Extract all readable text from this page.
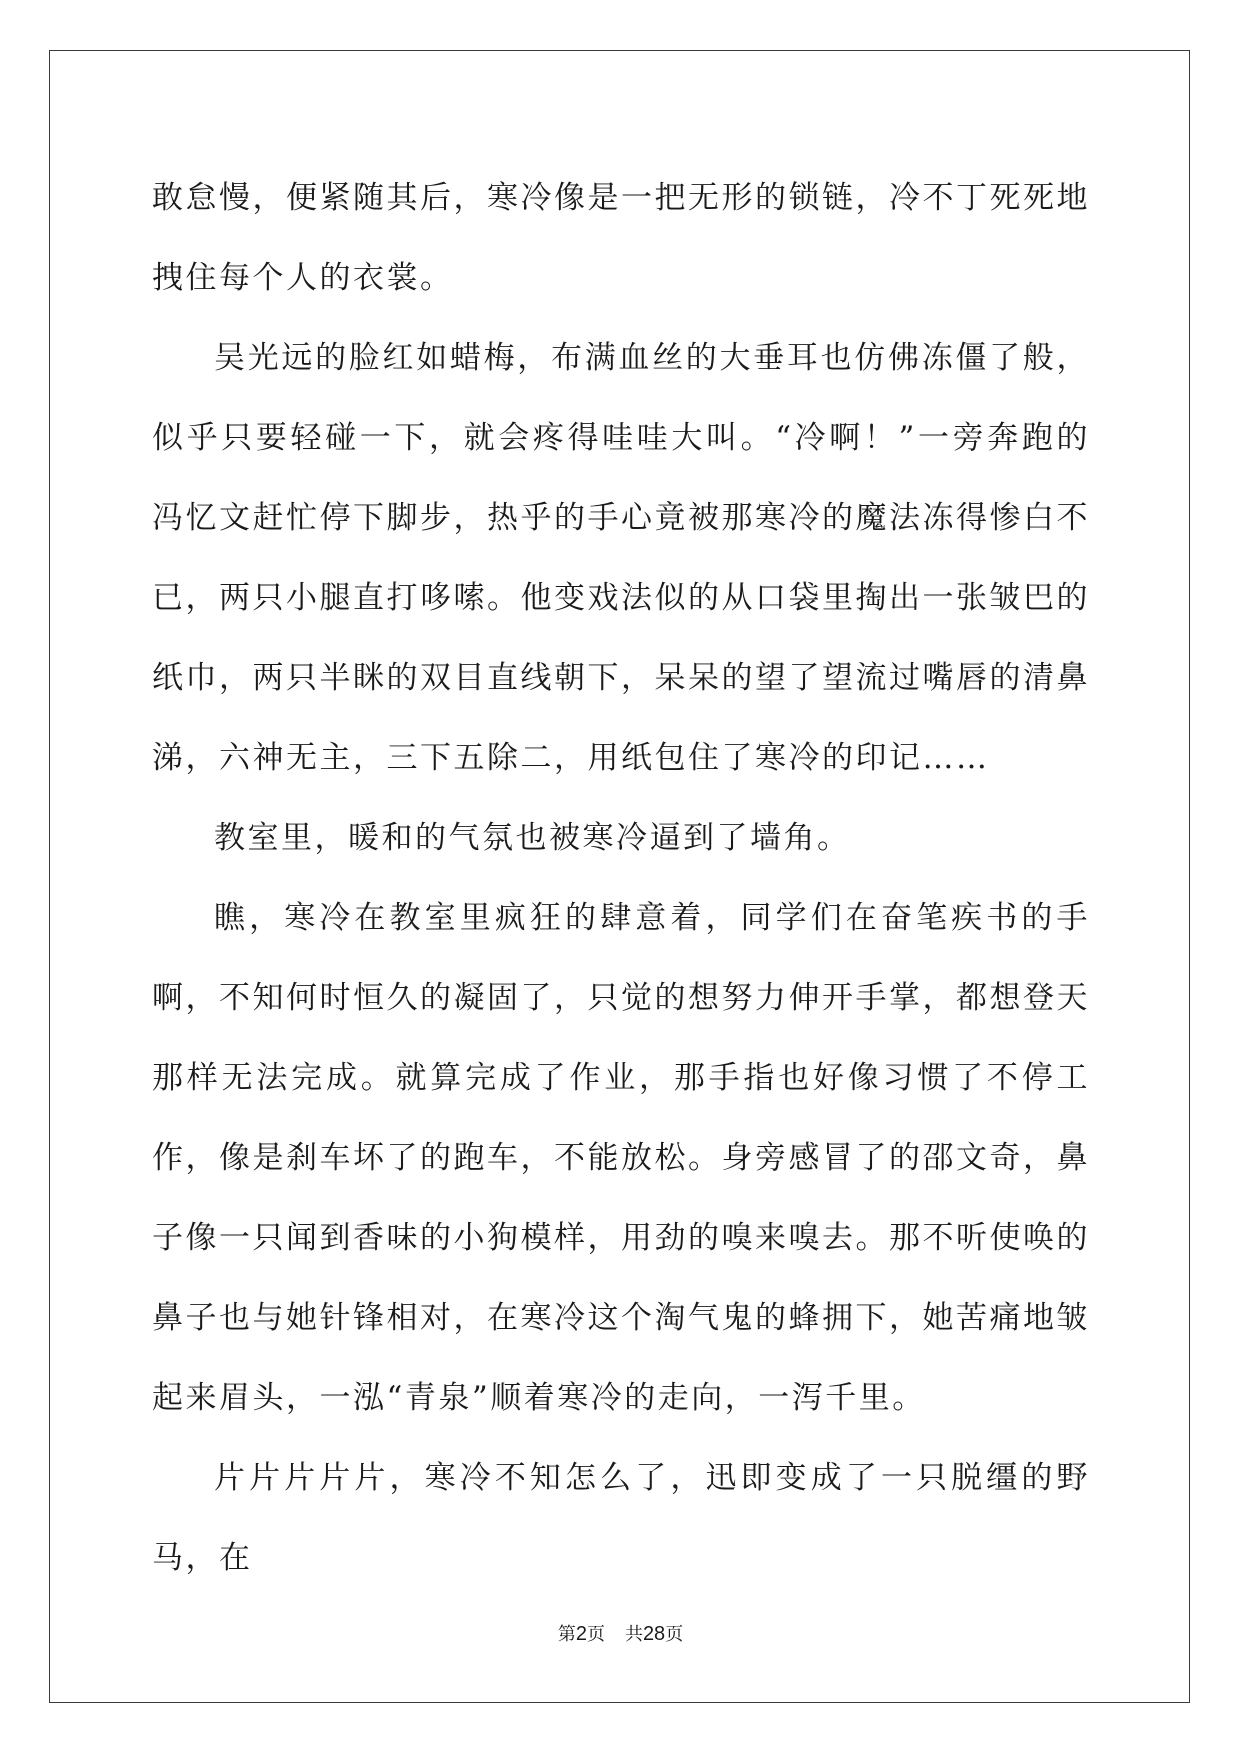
敢怠慢，便紧随其后，寒冷像是一把无形的锁链，冷不丁死死地拽住每个人的衣裳。

吴光远的脸红如蜡梅，布满血丝的大垂耳也仿佛冻僵了般，似乎只要轻碰一下，就会疼得哇哇大叫。“冷啊！”一旁奔跑的冯忆文赶忙停下脚步，热乎的手心竟被那寒冷的魔法冻得惨白不已，两只小腿直打哆嗦。他变戏法似的从口袋里掏出一张皱巴的纸巾，两只半眯的双目直线朝下，呆呆的望了望流过嘴唇的清鼻涕，六神无主，三下五除二，用纸包住了寒冷的印记……

教室里，暖和的气氛也被寒冷逼到了墙角。

瞧，寒冷在教室里疯狂的肆意着，同学们在奋笔疾书的手啊，不知何时恒久的凝固了，只觉的想努力伸开手掌，都想登天那样无法完成。就算完成了作业，那手指也好像习惯了不停工作，像是刹车坏了的跑车，不能放松。身旁感冒了的邵文奇，鼻子像一只闻到香味的小狗模样，用劲的嗅来嗅去。那不听使唤的鼻子也与她针锋相对，在寒冷这个淘气鬼的蜂拥下，她苦痛地皱起来眉头，一泓“青泉”顺着寒冷的走向，一泻千里。

片片片片片，寒冷不知怎么了，迅即变成了一只脱缰的野马，在

第2页 共28页
